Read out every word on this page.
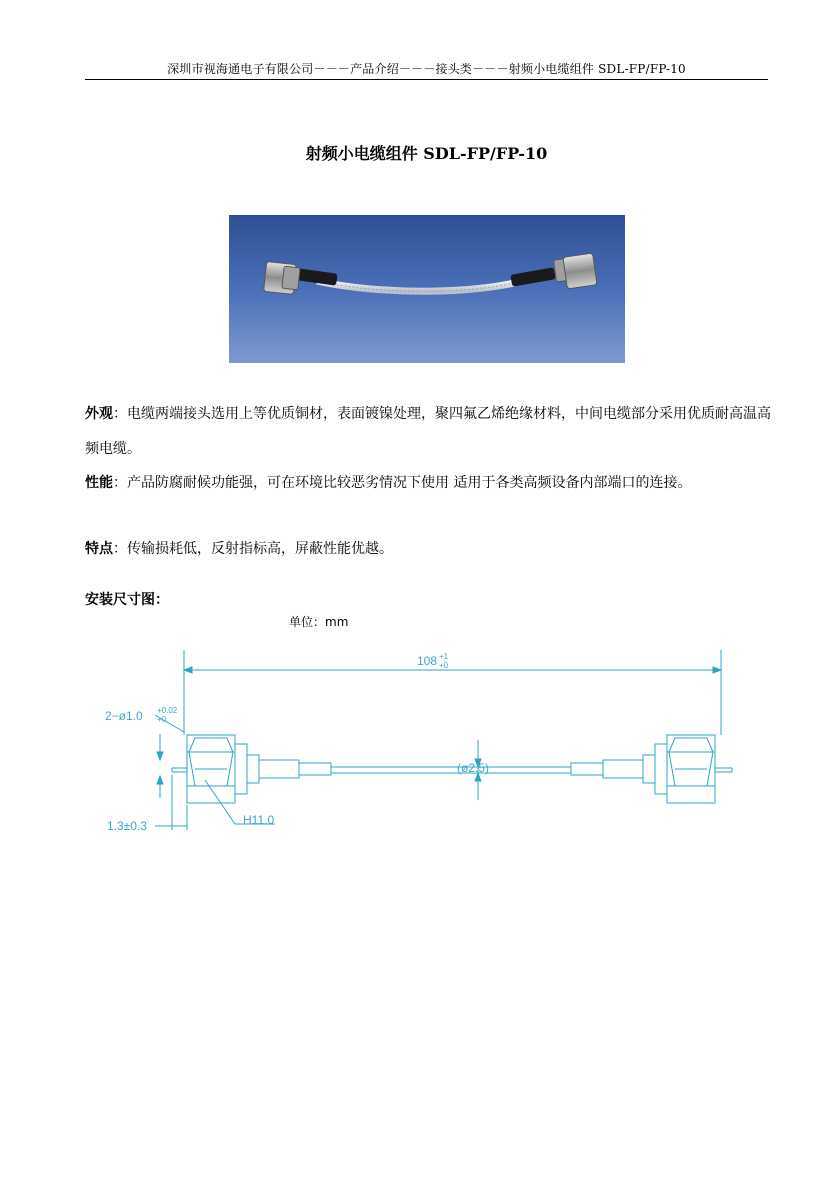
深圳市视海通电子有限公司－－－产品介绍－－－接头类－－－射频小电缆组件 SDL-FP/FP-10
射频小电缆组件 SDL-FP/FP-10
外观：电缆两端接头选用上等优质铜材，表面镀镍处理，聚四氟乙烯绝缘材料，中间电缆部分采用优质耐高温高频电缆。
性能：产品防腐耐候功能强，可在环境比较恶劣情况下使用 适用于各类高频设备内部端口的连接。
特点：传输损耗低，反射指标高，屏蔽性能优越。
安装尺寸图：
单位：mm
108 +1
+0
2−ø1.0 +0.02
+0
(ø2.5)
1.3±0.3	H11.0
